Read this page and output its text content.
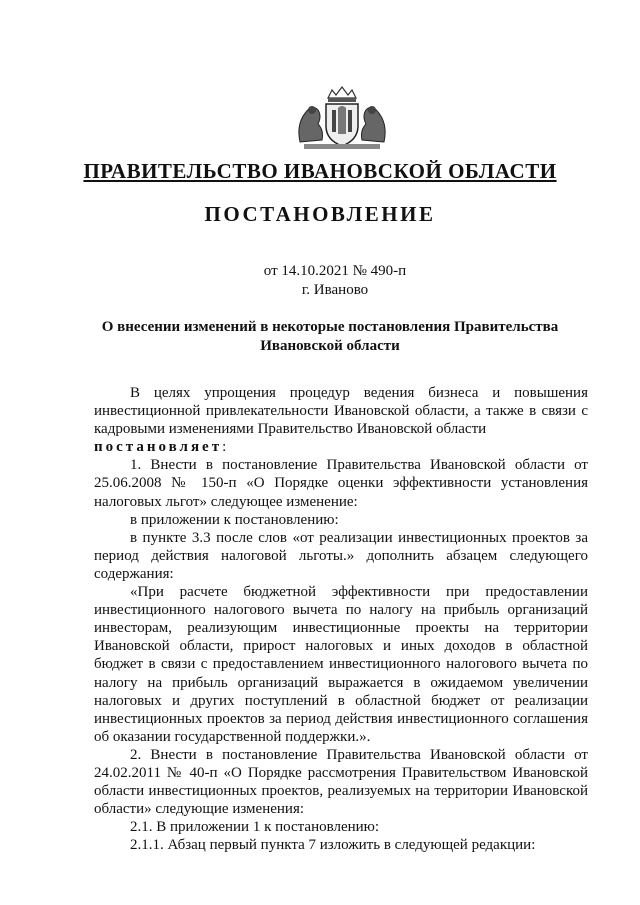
ПРАВИТЕЛЬСТВО ИВАНОВСКОЙ ОБЛАСТИ
ПОСТАНОВЛЕНИЕ
от 14.10.2021 № 490-п
г. Иваново
О внесении изменений в некоторые постановления Правительства
Ивановской области

В целях упрощения процедур ведения бизнеса и повышения инвестиционной привлекательности Ивановской области, а также в связи с кадровыми изменениями Правительство Ивановской области

постановляет:

1. Внести в постановление Правительства Ивановской области от 25.06.2008 № 150-п «О Порядке оценки эффективности установления налоговых льгот» следующее изменение:

в приложении к постановлению:

в пункте 3.3 после слов «от реализации инвестиционных проектов за период действия налоговой льготы.» дополнить абзацем следующего содержания:

«При расчете бюджетной эффективности при предоставлении инвестиционного налогового вычета по налогу на прибыль организаций инвесторам, реализующим инвестиционные проекты на территории Ивановской области, прирост налоговых и иных доходов в областной бюджет в связи с предоставлением инвестиционного налогового вычета по налогу на прибыль организаций выражается в ожидаемом увеличении налоговых и других поступлений в областной бюджет от реализации инвестиционных проектов за период действия инвестиционного соглашения об оказании государственной поддержки.».

2. Внести в постановление Правительства Ивановской области от 24.02.2011 № 40-п «О Порядке рассмотрения Правительством Ивановской области инвестиционных проектов, реализуемых на территории Ивановской области» следующие изменения:

2.1. В приложении 1 к постановлению:

2.1.1. Абзац первый пункта 7 изложить в следующей редакции:
